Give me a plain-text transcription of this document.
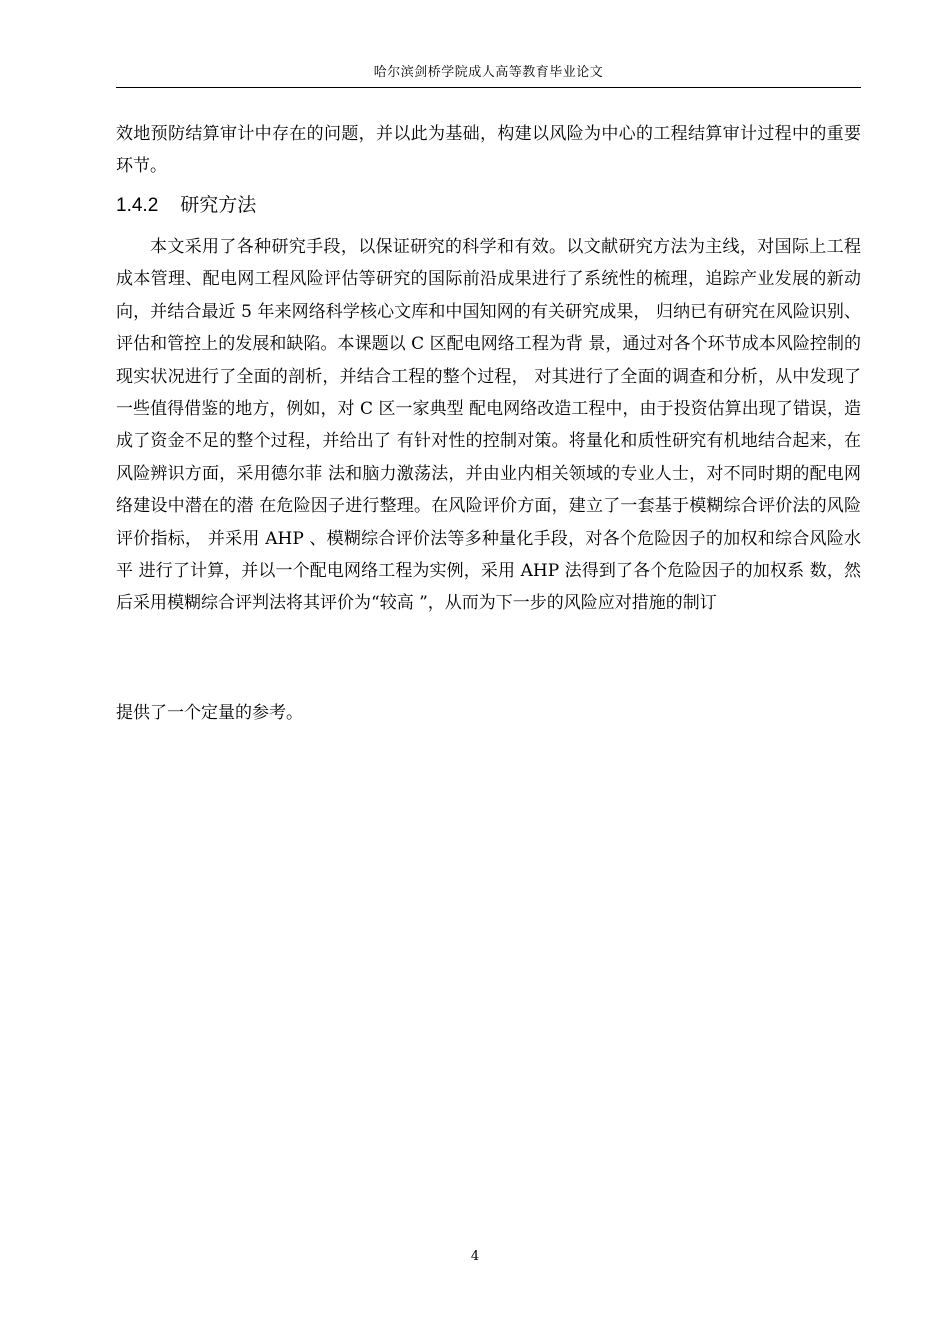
哈尔滨剑桥学院成人高等教育毕业论文

效地预防结算审计中存在的问题，并以此为基础，构建以风险为中心的工程结算审计过程中的重要环节。

1.4.2 研究方法

本文采用了各种研究手段，以保证研究的科学和有效。以文献研究方法为主线，对国际上工程成本管理、配电网工程风险评估等研究的国际前沿成果进行了系统性的梳理，追踪产业发展的新动向，并结合最近 5 年来网络科学核心文库和中国知网的有关研究成果， 归纳已有研究在风险识别、评估和管控上的发展和缺陷。本课题以 C 区配电网络工程为背 景，通过对各个环节成本风险控制的现实状况进行了全面的剖析，并结合工程的整个过程， 对其进行了全面的调查和分析，从中发现了一些值得借鉴的地方，例如，对 C 区一家典型 配电网络改造工程中，由于投资估算出现了错误，造成了资金不足的整个过程，并给出了 有针对性的控制对策。将量化和质性研究有机地结合起来，在风险辨识方面，采用德尔菲 法和脑力激荡法，并由业内相关领域的专业人士，对不同时期的配电网络建设中潜在的潜 在危险因子进行整理。在风险评价方面，建立了一套基于模糊综合评价法的风险评价指标， 并采用 AHP 、模糊综合评价法等多种量化手段，对各个危险因子的加权和综合风险水平 进行了计算，并以一个配电网络工程为实例，采用 AHP 法得到了各个危险因子的加权系 数，然后采用模糊综合评判法将其评价为“较高 ”，从而为下一步的风险应对措施的制订

提供了一个定量的参考。

4
